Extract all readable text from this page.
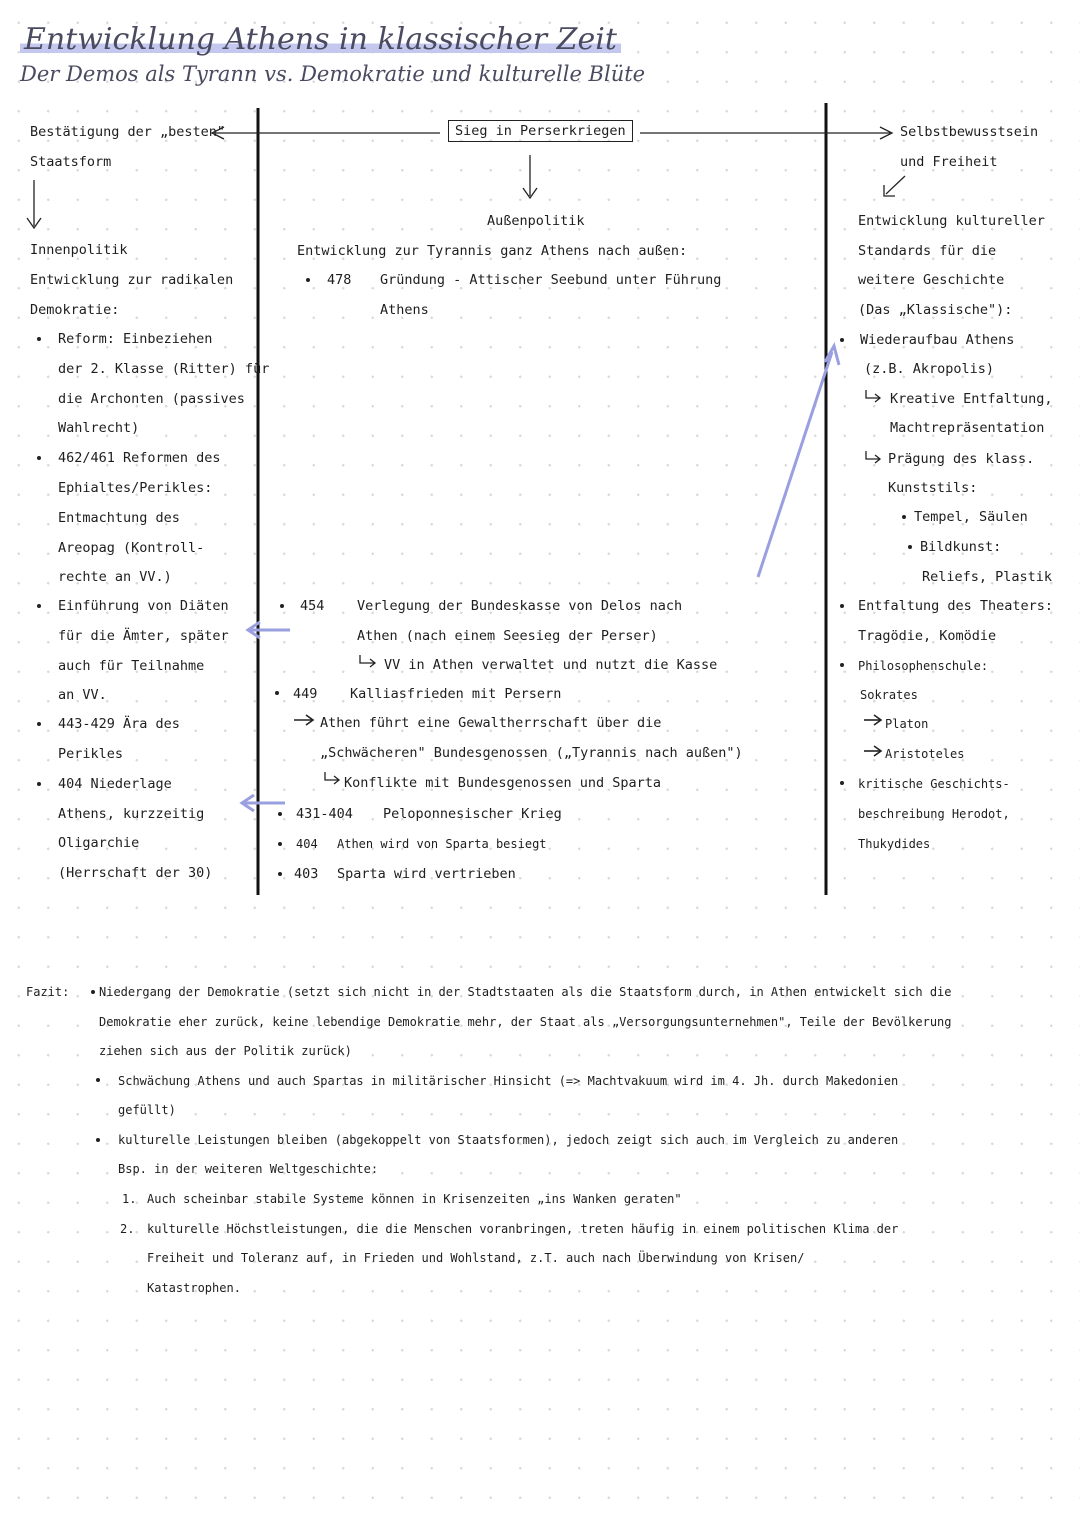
Entwicklung Athens in klassischer Zeit
Der Demos als Tyrann vs. Demokratie und kulturelle Blüte
Bestätigung der „besten"
Staatsform
Sieg in Perserkriegen	Selbstbewusstsein
und Freiheit
Innenpolitik
Entwicklung zur radikalen
Demokratie:
Reform: Einbeziehen
der 2. Klasse (Ritter) für
die Archonten (passives
Wahlrecht)
462/461 Reformen des
Ephialtes/Perikles:
Entmachtung des
Areopag (Kontroll-
rechte an VV.)
Einführung von Diäten
für die Ämter, später
auch für Teilnahme
an VV.
443-429 Ära des
Perikles
404 Niederlage
Athens, kurzzeitig
Oligarchie
(Herrschaft der 30)
Außenpolitik
Entwicklung zur Tyrannis ganz Athens nach außen:
478 Gründung - Attischer Seebund unter Führung
Athens
454 Verlegung der Bundeskasse von Delos nach
Athen (nach einem Seesieg der Perser)
VV in Athen verwaltet und nutzt die Kasse
449 Kalliasfrieden mit Persern
Athen führt eine Gewaltherrschaft über die
„Schwächeren" Bundesgenossen („Tyrannis nach außen")
Konflikte mit Bundesgenossen und Sparta
431-404 Peloponnesischer Krieg
404 Athen wird von Sparta besiegt
403 Sparta wird vertrieben
Entwicklung kultureller
Standards für die
weitere Geschichte
(Das „Klassische"):
Wiederaufbau Athens
(z.B. Akropolis)
Kreative Entfaltung,
Machtrepräsentation
Prägung des klass.
Kunststils:
Tempel, Säulen
Bildkunst:
Reliefs, Plastik
Entfaltung des Theaters:
Tragödie, Komödie
Philosophenschule:
Sokrates
Platon
Aristoteles
kritische Geschichts-
beschreibung Herodot,
Thukydides
Fazit: Niedergang der Demokratie (setzt sich nicht in der Stadtstaaten als die Staatsform durch, in Athen entwickelt sich die
Demokratie eher zurück, keine lebendige Demokratie mehr, der Staat als „Versorgungsunternehmen", Teile der Bevölkerung
ziehen sich aus der Politik zurück)
Schwächung Athens und auch Spartas in militärischer Hinsicht (=> Machtvakuum wird im 4. Jh. durch Makedonien
gefüllt)
kulturelle Leistungen bleiben (abgekoppelt von Staatsformen), jedoch zeigt sich auch im Vergleich zu anderen
Bsp. in der weiteren Weltgeschichte:
1. Auch scheinbar stabile Systeme können in Krisenzeiten „ins Wanken geraten"
2. kulturelle Höchstleistungen, die die Menschen voranbringen, treten häufig in einem politischen Klima der
Freiheit und Toleranz auf, in Frieden und Wohlstand, z.T. auch nach Überwindung von Krisen/
Katastrophen.
